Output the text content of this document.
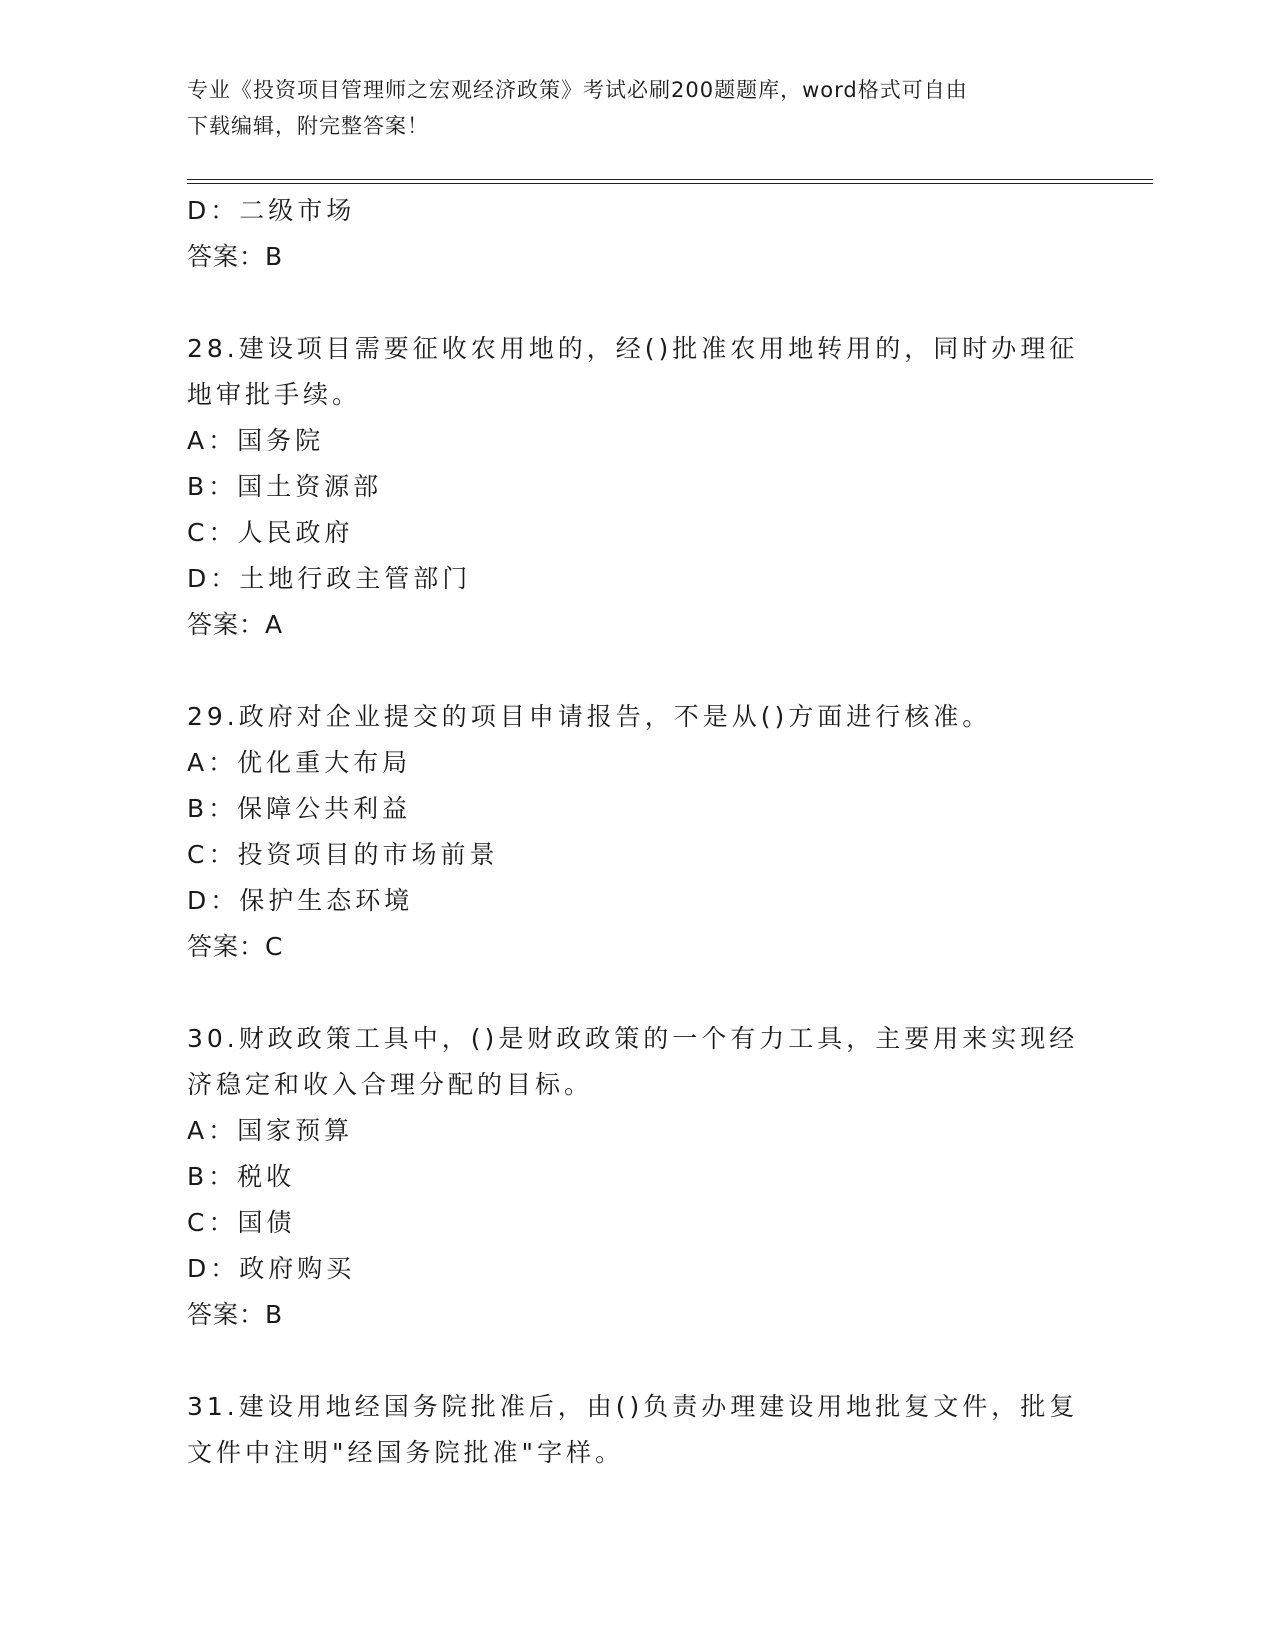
专业《投资项目管理师之宏观经济政策》考试必刷200题题库，word格式可自由
下载编辑，附完整答案！
D：二级市场
答案：B
28.建设项目需要征收农用地的，经()批准农用地转用的，同时办理征
地审批手续。
A：国务院
B：国土资源部
C：人民政府
D：土地行政主管部门
答案：A
29.政府对企业提交的项目申请报告，不是从()方面进行核准。
A：优化重大布局
B：保障公共利益
C：投资项目的市场前景
D：保护生态环境
答案：C
30.财政政策工具中，()是财政政策的一个有力工具，主要用来实现经
济稳定和收入合理分配的目标。
A：国家预算
B：税收
C：国债
D：政府购买
答案：B
31.建设用地经国务院批准后，由()负责办理建设用地批复文件，批复
文件中注明"经国务院批准"字样。
